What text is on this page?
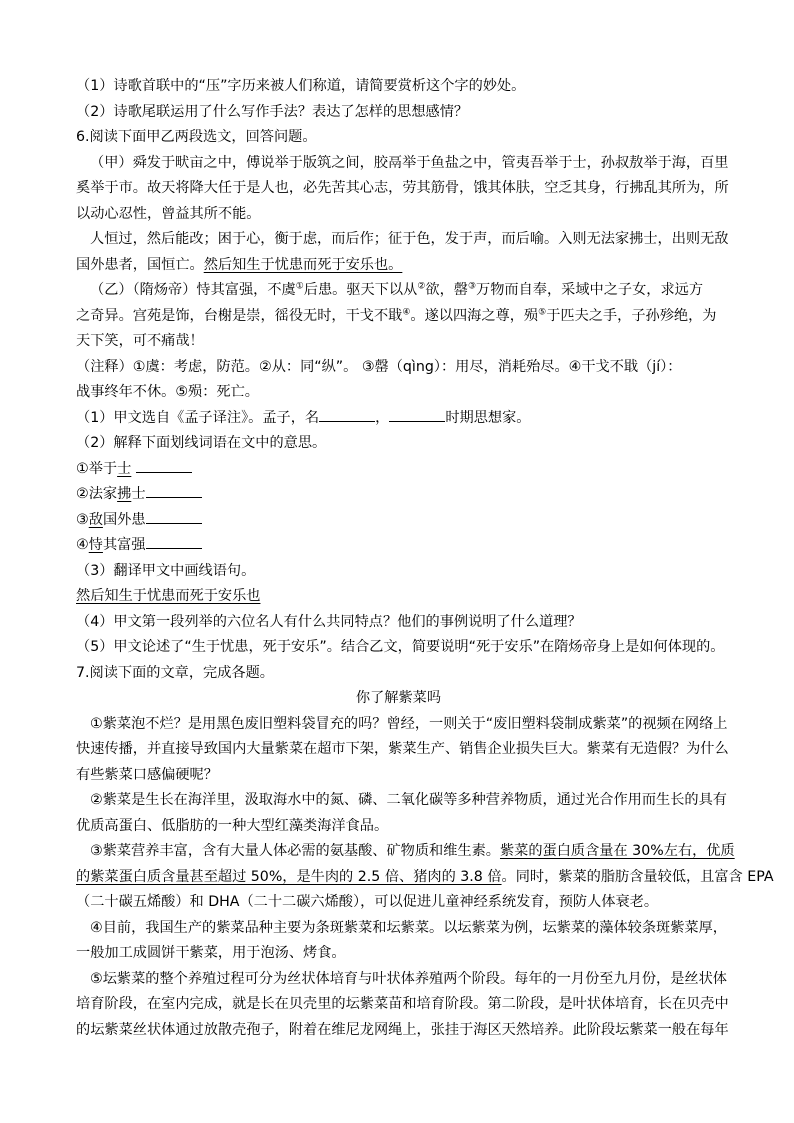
（1）诗歌首联中的“压”字历来被人们称道，请简要赏析这个字的妙处。
（2）诗歌尾联运用了什么写作手法？表达了怎样的思想感情？
6.阅读下面甲乙两段选文，回答问题。
（甲）舜发于畎亩之中，傅说举于版筑之间，胶鬲举于鱼盐之中，管夷吾举于士，孙叔敖举于海，百里
奚举于市。故天将降大任于是人也，必先苦其心志，劳其筋骨，饿其体肤，空乏其身，行拂乱其所为，所
以动心忍性，曾益其所不能。
人恒过，然后能改；困于心，衡于虑，而后作；征于色，发于声，而后喻。入则无法家拂士，出则无敌
国外患者，国恒亡。然后知生于忧患而死于安乐也。
（乙）（隋炀帝）恃其富强，不虞①后患。驱天下以从②欲，罄③万物而自奉，采域中之子女，求远方
之奇异。宫苑是饰，台榭是崇，徭役无时，干戈不戢④。遂以四海之尊，殒⑤于匹夫之手，子孙殄绝，为
天下笑，可不痛哉！
（注释）①虞：考虑，防范。②从：同“纵”。 ③罄（qìng）：用尽，消耗殆尽。④干戈不戢（jí）：
战事终年不休。⑤殒：死亡。
（1）甲文选自《孟子译注》。孟子，名	，	时期思想家。
（2）解释下面划线词语在文中的意思。
①举于士
②法家拂士
③敌国外患
④恃其富强
（3）翻译甲文中画线语句。
然后知生于忧患而死于安乐也
（4）甲文第一段列举的六位名人有什么共同特点？他们的事例说明了什么道理？
（5）甲文论述了“生于忧患，死于安乐”。结合乙文，简要说明“死于安乐”在隋炀帝身上是如何体现的。
7.阅读下面的文章，完成各题。
你了解紫菜吗
①紫菜泡不烂？是用黑色废旧塑料袋冒充的吗？曾经，一则关于“废旧塑料袋制成紫菜”的视频在网络上
快速传播，并直接导致国内大量紫菜在超市下架，紫菜生产、销售企业损失巨大。紫菜有无造假？为什么
有些紫菜口感偏硬呢？
②紫菜是生长在海洋里，汲取海水中的氮、磷、二氧化碳等多种营养物质，通过光合作用而生长的具有
优质高蛋白、低脂肪的一种大型红藻类海洋食品。
③紫菜营养丰富，含有大量人体必需的氨基酸、矿物质和维生素。紫菜的蛋白质含量在 30%左右，优质
的紫菜蛋白质含量甚至超过 50%，是牛肉的 2.5 倍、猪肉的 3.8 倍。同时，紫菜的脂肪含量较低，且富含 EPA
（二十碳五烯酸）和 DHA（二十二碳六烯酸），可以促进儿童神经系统发育，预防人体衰老。
④目前，我国生产的紫菜品种主要为条斑紫菜和坛紫菜。以坛紫菜为例，坛紫菜的藻体较条斑紫菜厚，
一般加工成圆饼干紫菜，用于泡汤、烤食。
⑤坛紫菜的整个养殖过程可分为丝状体培育与叶状体养殖两个阶段。每年的一月份至九月份，是丝状体
培育阶段，在室内完成，就是长在贝壳里的坛紫菜苗和培育阶段。第二阶段，是叶状体培育，长在贝壳中
的坛紫菜丝状体通过放散壳孢子，附着在维尼龙网绳上，张挂于海区天然培养。此阶段坛紫菜一般在每年
